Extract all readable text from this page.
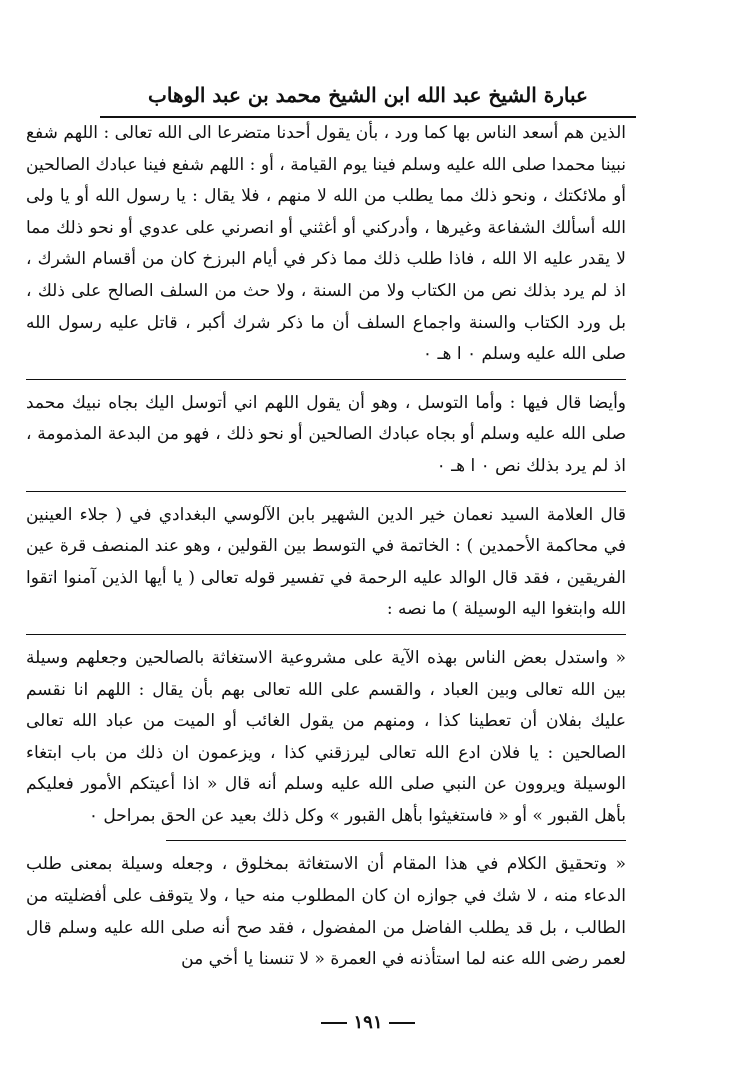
عبارة الشيخ عبد الله ابن الشيخ محمد بن عبد الوهاب

الذين هم أسعد الناس بها كما ورد ، بأن يقول أحدنا متضرعا الى الله تعالى : اللهم شفع نبينا محمدا صلى الله عليه وسلم فينا يوم القيامة ، أو : اللهم شفع فينا عبادك الصالحين أو ملائكتك ، ونحو ذلك مما يطلب من الله لا منهم ، فلا يقال : يا رسول الله أو يا ولى الله أسألك الشفاعة وغيرها ، وأدركني أو أغثني أو انصرني على عدوي أو نحو ذلك مما لا يقدر عليه الا الله ، فاذا طلب ذلك مما ذكر في أيام البرزخ كان من أقسام الشرك ، اذ لم يرد بذلك نص من الكتاب ولا من السنة ، ولا حث من السلف الصالح على ذلك ، بل ورد الكتاب والسنة واجماع السلف أن ما ذكر شرك أكبر ، قاتل عليه رسول الله صلى الله عليه وسلم ٠ ا هـ ٠

وأيضا قال فيها : وأما التوسل ، وهو أن يقول اللهم اني أتوسل اليك بجاه نبيك محمد صلى الله عليه وسلم أو بجاه عبادك الصالحين أو نحو ذلك ، فهو من البدعة المذمومة ، اذ لم يرد بذلك نص ٠ ا هـ ٠

قال العلامة السيد نعمان خير الدين الشهير بابن الآلوسي البغدادي في ( جلاء العينين في محاكمة الأحمدين ) : الخاتمة في التوسط بين القولين ، وهو عند المنصف قرة عين الفريقين ، فقد قال الوالد عليه الرحمة في تفسير قوله تعالى ( يا أيها الذين آمنوا اتقوا الله وابتغوا اليه الوسيلة ) ما نصه :

« واستدل بعض الناس بهذه الآية على مشروعية الاستغاثة بالصالحين وجعلهم وسيلة بين الله تعالى وبين العباد ، والقسم على الله تعالى بهم بأن يقال : اللهم انا نقسم عليك بفلان أن تعطينا كذا ، ومنهم من يقول الغائب أو الميت من عباد الله تعالى الصالحين : يا فلان ادع الله تعالى ليرزقني كذا ، ويزعمون ان ذلك من باب ابتغاء الوسيلة ويروون عن النبي صلى الله عليه وسلم أنه قال « اذا أعيتكم الأمور فعليكم بأهل القبور » أو « فاستغيثوا بأهل القبور » وكل ذلك بعيد عن الحق بمراحل ٠

« وتحقيق الكلام في هذا المقام أن الاستغاثة بمخلوق ، وجعله وسيلة بمعنى طلب الدعاء منه ، لا شك في جوازه ان كان المطلوب منه حيا ، ولا يتوقف على أفضليته من الطالب ، بل قد يطلب الفاضل من المفضول ، فقد صح أنه صلى الله عليه وسلم قال لعمر رضى الله عنه لما استأذنه في العمرة « لا تنسنا يا أخي من

١٩١
